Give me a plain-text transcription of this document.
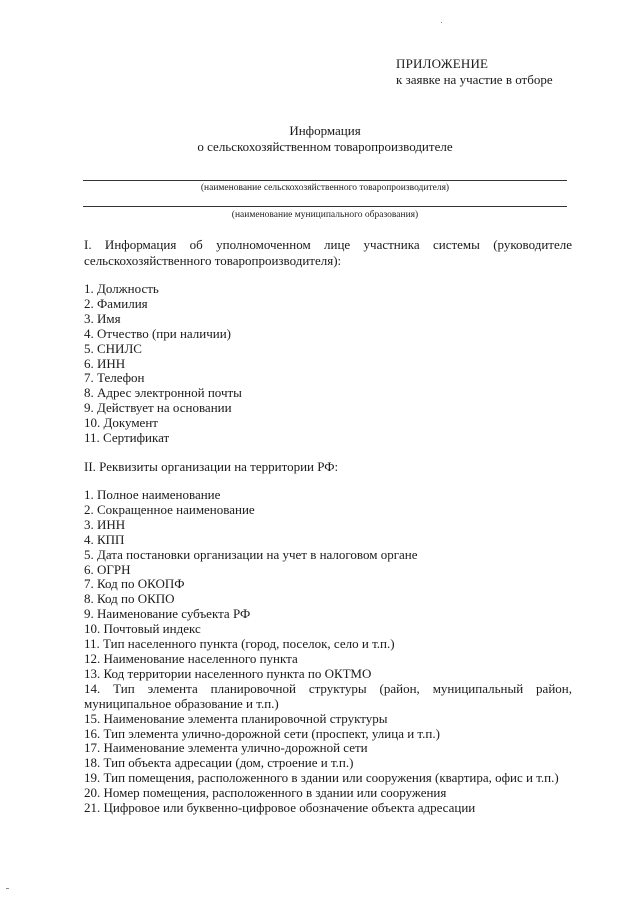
ПРИЛОЖЕНИЕ
к заявке на участие в отборе
Информация
о сельскохозяйственном товаропроизводителе
(наименование сельскохозяйственного товаропроизводителя)
(наименование муниципального образования)
I. Информация об уполномоченном лице участника системы (руководителе
сельскохозяйственного товаропроизводителя):
1. Должность
2. Фамилия
3. Имя
4. Отчество (при наличии)
5. СНИЛС
6. ИНН
7. Телефон
8. Адрес электронной почты
9. Действует на основании
10. Документ
11. Сертификат
II. Реквизиты организации на территории РФ:
1. Полное наименование
2. Сокращенное наименование
3. ИНН
4. КПП
5. Дата постановки организации на учет в налоговом органе
6. ОГРН
7. Код по ОКОПФ
8. Код по ОКПО
9. Наименование субъекта РФ
10. Почтовый индекс
11. Тип населенного пункта (город, поселок, село и т.п.)
12. Наименование населенного пункта
13. Код территории населенного пункта по ОКТМО
14. Тип элемента планировочной структуры (район, муниципальный район,
муниципальное образование и т.п.)
15. Наименование элемента планировочной структуры
16. Тип элемента улично-дорожной сети (проспект, улица и т.п.)
17. Наименование элемента улично-дорожной сети
18. Тип объекта адресации (дом, строение и т.п.)
19. Тип помещения, расположенного в здании или сооружения (квартира, офис и т.п.)
20. Номер помещения, расположенного в здании или сооружения
21. Цифровое или буквенно-цифровое обозначение объекта адресации
